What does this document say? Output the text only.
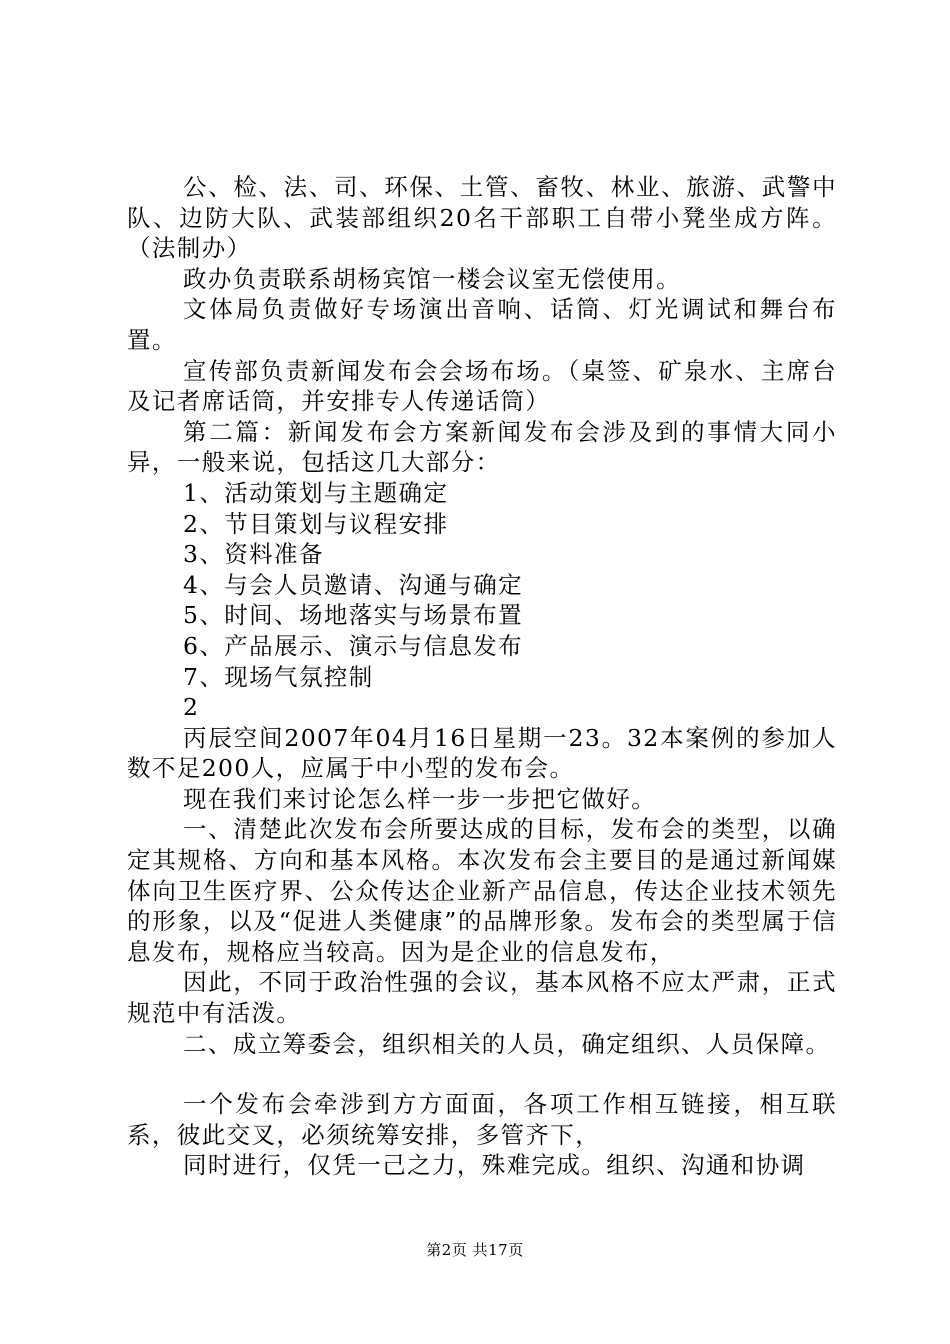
公、检、法、司、环保、土管、畜牧、林业、旅游、武警中队、边防大队、武装部组织20名干部职工自带小凳坐成方阵。（法制办）

政办负责联系胡杨宾馆一楼会议室无偿使用。

文体局负责做好专场演出音响、话筒、灯光调试和舞台布置。

宣传部负责新闻发布会会场布场。（桌签、矿泉水、主席台及记者席话筒，并安排专人传递话筒）

第二篇：新闻发布会方案新闻发布会涉及到的事情大同小异，一般来说，包括这几大部分：

1、活动策划与主题确定

2、节目策划与议程安排

3、资料准备

4、与会人员邀请、沟通与确定

5、时间、场地落实与场景布置

6、产品展示、演示与信息发布

7、现场气氛控制

2

丙辰空间2007年04月16日星期一23。32本案例的参加人数不足200人，应属于中小型的发布会。

现在我们来讨论怎么样一步一步把它做好。

一、清楚此次发布会所要达成的目标，发布会的类型，以确定其规格、方向和基本风格。本次发布会主要目的是通过新闻媒体向卫生医疗界、公众传达企业新产品信息，传达企业技术领先的形象，以及“促进人类健康”的品牌形象。发布会的类型属于信息发布，规格应当较高。因为是企业的信息发布，

因此，不同于政治性强的会议，基本风格不应太严肃，正式规范中有活泼。

二、成立筹委会，组织相关的人员，确定组织、人员保障。

一个发布会牵涉到方方面面，各项工作相互链接，相互联系，彼此交叉，必须统筹安排，多管齐下，

同时进行，仅凭一己之力，殊难完成。组织、沟通和协调

第2页 共17页
